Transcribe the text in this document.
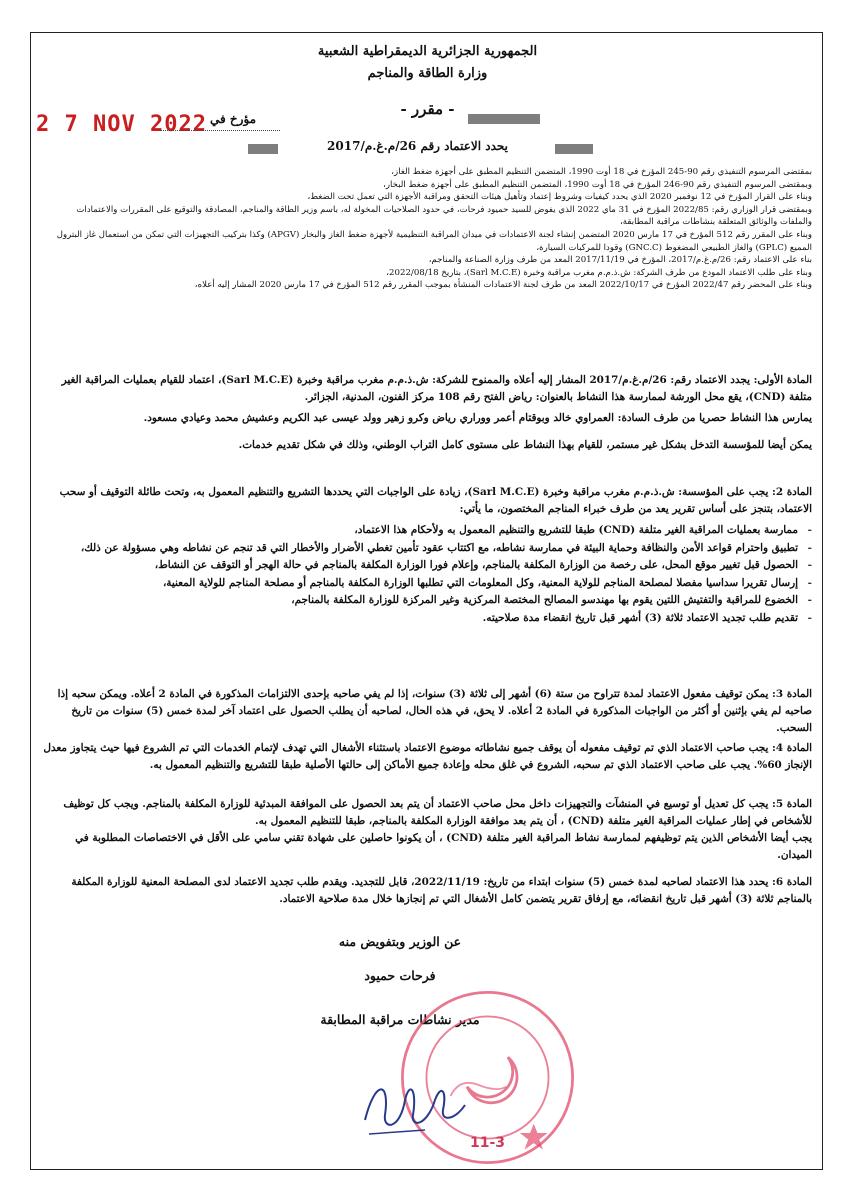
الجمهورية الجزائرية الديمقراطية الشعبية
وزارة الطاقة والمناجم
- مقرر -
2 7 NOV 2022 مؤرخ في
يحدد الاعتماد رقم 26/م.غ.م/2017
بمقتضى المرسوم التنفيذي رقم 90-245 المؤرخ في 18 أوت 1990، المتضمن التنظيم المطبق على أجهزة ضغط الغاز،
وبمقتضى المرسوم التنفيذي رقم 90-246 المؤرخ في 18 أوت 1990، المتضمن التنظيم المطبق على أجهزة ضغط البخار،
وبناء على القرار المؤرخ في 12 نوفمبر 2020 الذي يحدد كيفيات وشروط إعتماد وتأهيل هيئات التحقق ومراقبة الأجهزة التي تعمل تحت الضغط،
وبمقتضى قرار الوزاري رقم: 2022/85 المؤرخ في 31 ماي 2022 الذي يفوض للسيد حميود فرحات، في حدود الصلاحيات المخولة له، باسم وزير الطاقة والمناجم، المصادقة والتوقيع على المقررات والاعتمادات والملفات والوثائق المتعلقة بنشاطات مراقبة المطابقة،
وبناء على المقرر رقم 512 المؤرخ في 17 مارس 2020 المتضمن إنشاء لجنة الاعتمادات في ميدان المراقبة التنظيمية لأجهزة ضغط الغاز والبخار (APGV) وكذا بتركيب التجهيزات التي تمكن من استعمال غاز البترول المميع (GPLC) والغاز الطبيعي المضغوط (GNC.C) وقودا للمركبات السيارة،
بناء على الاعتماد رقم: 26/م.غ.م/2017، المؤرخ في 2017/11/19 المعد من طرف وزارة الصناعة والمناجم،
وبناء على طلب الاعتماد المودع من طرف الشركة: ش.ذ.م.م مغرب مراقبة وخبرة (Sarl M.C.E)، بتاريخ 2022/08/18،
وبناء على المحضر رقم 2022/47 المؤرخ في 2022/10/17 المعد من طرف لجنة الاعتمادات المنشأة بموجب المقرر رقم 512 المؤرخ في 17 مارس 2020 المشار إليه أعلاه،
المادة الأولى: يجدد الاعتماد رقم: 26/م.غ.م/2017 المشار إليه أعلاه والممنوح للشركة: ش.ذ.م.م مغرب مراقبة وخبرة (Sarl M.C.E)، اعتماد للقيام بعمليات المراقبة الغير متلفة (CND)، يقع محل الورشة لممارسة هذا النشاط بالعنوان: رياض الفتح رقم 108 مركز الفنون، المدنية، الجزائر.
يمارس هذا النشاط حصريا من طرف السادة: العمراوي خالد وبوقتام أعمر ووراري رياض وكرو زهير وولد عيسى عبد الكريم وعشيش محمد وعيادي مسعود.
يمكن أيضا للمؤسسة التدخل بشكل غير مستمر، للقيام بهذا النشاط على مستوى كامل التراب الوطني، وذلك في شكل تقديم خدمات.
المادة 2: يجب على المؤسسة: ش.ذ.م.م مغرب مراقبة وخبرة (Sarl M.C.E)، زيادة على الواجبات التي يحددها التشريع والتنظيم المعمول به، وتحت طائلة التوقيف أو سحب الاعتماد، بتنجز على أساس تقرير يعد من طرف خبراء المناجم المختصون، ما يأتي:
- ممارسة بعمليات المراقبة الغير متلفة (CND) طبقا للتشريع والتنظيم المعمول به ولأحكام هذا الاعتماد،
- تطبيق واحترام قواعد الأمن والنظافة وحماية البيئة في ممارسة نشاطه، مع اكتتاب عقود تأمين تغطي الأضرار والأخطار التي قد تنجم عن نشاطه وهي مسؤولة عن ذلك،
- الحصول قبل تغيير موقع المحل، على رخصة من الوزارة المكلفة بالمناجم، وإعلام فورا الوزارة المكلفة بالمناجم في حالة الهجر أو التوقف عن النشاط،
- إرسال تقريرا سداسيا مفصلا لمصلحة المناجم للولاية المعنية، وكل المعلومات التي تطلبها الوزارة المكلفة بالمناجم أو مصلحة المناجم للولاية المعنية،
- الخضوع للمراقبة والتفتيش اللتين يقوم بها مهندسو المصالح المختصة المركزية وغير المركزة للوزارة المكلفة بالمناجم،
- تقديم طلب تجديد الاعتماد ثلاثة (3) أشهر قبل تاريخ انقضاء مدة صلاحيته.
المادة 3: يمكن توقيف مفعول الاعتماد لمدة تتراوح من ستة (6) أشهر إلى ثلاثة (3) سنوات، إذا لم يفي صاحبه بإحدى الالتزامات المذكورة في المادة 2 أعلاه. ويمكن سحبه إذا صاحبه لم يفي بإثنين أو أكثر من الواجبات المذكورة في المادة 2 أعلاه. لا يحق، في هذه الحال، لصاحبه أن يطلب الحصول على اعتماد آخر لمدة خمس (5) سنوات من تاريخ السحب.
المادة 4: يجب صاحب الاعتماد الذي تم توقيف مفعوله أن يوقف جميع نشاطاته موضوع الاعتماد باستثناء الأشغال التي تهدف لإتمام الخدمات التي تم الشروع فيها حيث يتجاوز معدل الإنجاز 60%. يجب على صاحب الاعتماد الذي تم سحبه، الشروع في غلق محله وإعادة جميع الأماكن إلى حالتها الأصلية طبقا للتشريع والتنظيم المعمول به.
المادة 5: يجب كل تعديل أو توسيع في المنشآت والتجهيزات داخل محل صاحب الاعتماد أن يتم بعد الحصول على الموافقة المبدئية للوزارة المكلفة بالمناجم. ويجب كل توظيف للأشخاص في إطار عمليات المراقبة الغير متلفة (CND) ، أن يتم بعد موافقة الوزارة المكلفة بالمناجم، طبقا للتنظيم المعمول به.
يجب أيضا الأشخاص الذين يتم توظيفهم لممارسة نشاط المراقبة الغير متلفة (CND) ، أن يكونوا حاصلين على شهادة تقني سامي على الأقل في الاختصاصات المطلوبة في الميدان.
المادة 6: يحدد هذا الاعتماد لصاحبه لمدة خمس (5) سنوات ابتداء من تاريخ: 2022/11/19، قابل للتجديد. ويقدم طلب تجديد الاعتماد لدى المصلحة المعنية للوزارة المكلفة بالمناجم ثلاثة (3) أشهر قبل تاريخ انقضائه، مع إرفاق تقرير يتضمن كامل الأشغال التي تم إنجازها خلال مدة صلاحية الاعتماد.
عن الوزير وبتفويض منه
فرحات حميود
مدير نشاطات مراقبة المطابقة
11-3
